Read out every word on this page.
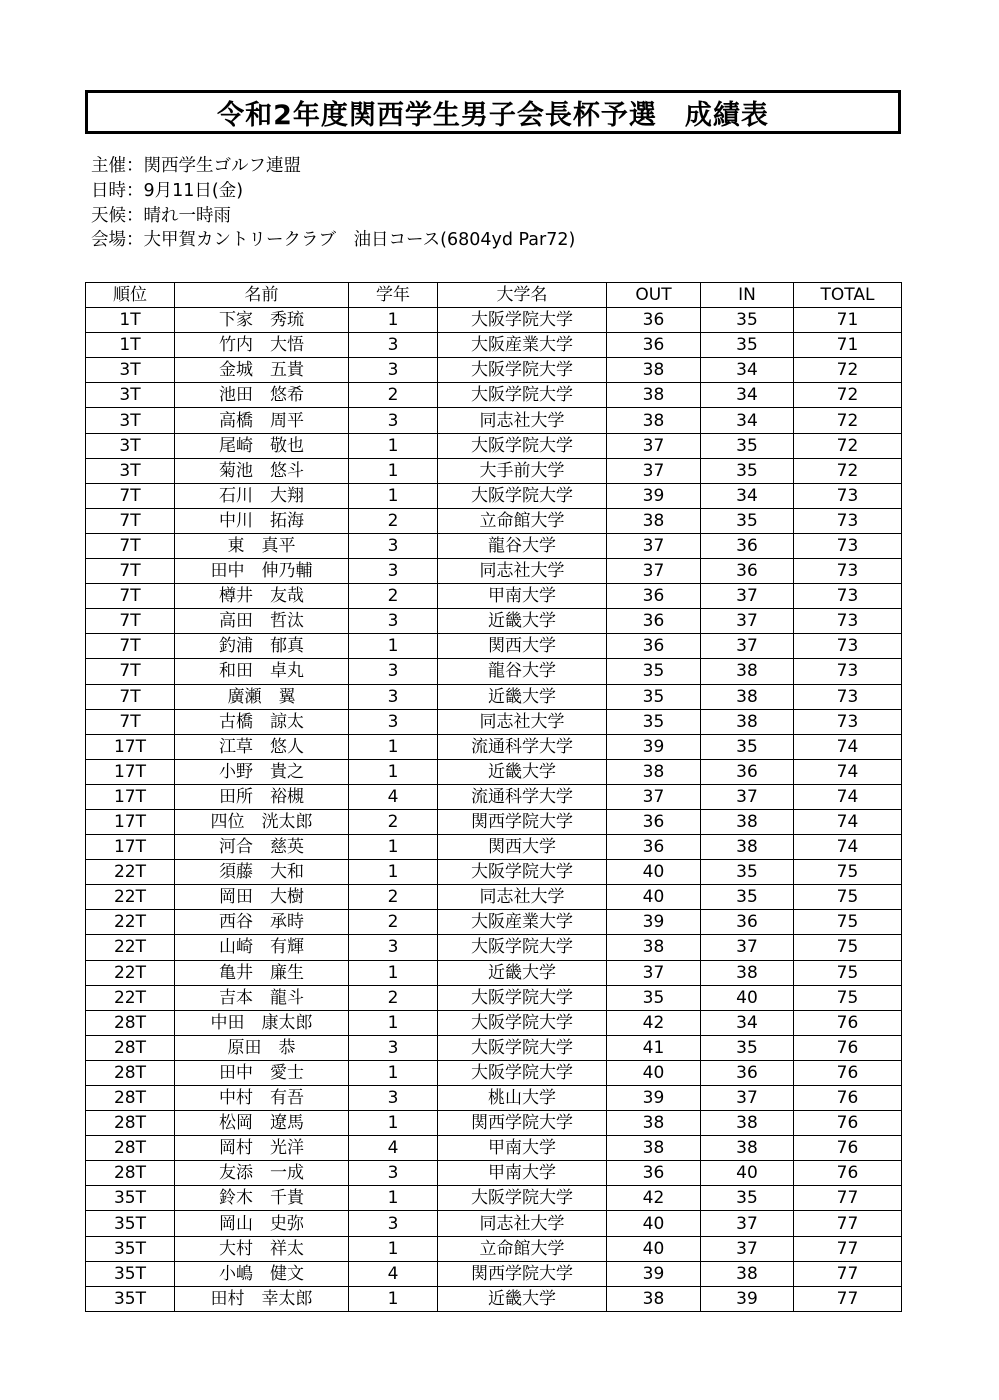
令和2年度関西学生男子会長杯予選　成績表
主催：関西学生ゴルフ連盟
日時：9月11日(金)
天候：晴れ一時雨
会場：大甲賀カントリークラブ　油日コース(6804yd Par72)
順位	名前	学年	大学名	OUT	IN	TOTAL
1T	下家　秀琉	1	大阪学院大学	36	35	71
1T	竹内　大悟	3	大阪産業大学	36	35	71
3T	金城　五貴	3	大阪学院大学	38	34	72
3T	池田　悠希	2	大阪学院大学	38	34	72
3T	高橋　周平	3	同志社大学	38	34	72
3T	尾崎　敬也	1	大阪学院大学	37	35	72
3T	菊池　悠斗	1	大手前大学	37	35	72
7T	石川　大翔	1	大阪学院大学	39	34	73
7T	中川　拓海	2	立命館大学	38	35	73
7T	東　真平	3	龍谷大学	37	36	73
7T	田中　伸乃輔	3	同志社大学	37	36	73
7T	樽井　友哉	2	甲南大学	36	37	73
7T	高田　哲汰	3	近畿大学	36	37	73
7T	釣浦　郁真	1	関西大学	36	37	73
7T	和田　卓丸	3	龍谷大学	35	38	73
7T	廣瀬　翼	3	近畿大学	35	38	73
7T	古橋　諒太	3	同志社大学	35	38	73
17T	江草　悠人	1	流通科学大学	39	35	74
17T	小野　貴之	1	近畿大学	38	36	74
17T	田所　裕槻	4	流通科学大学	37	37	74
17T	四位　洸太郎	2	関西学院大学	36	38	74
17T	河合　慈英	1	関西大学	36	38	74
22T	須藤　大和	1	大阪学院大学	40	35	75
22T	岡田　大樹	2	同志社大学	40	35	75
22T	西谷　承時	2	大阪産業大学	39	36	75
22T	山崎　有輝	3	大阪学院大学	38	37	75
22T	亀井　廉生	1	近畿大学	37	38	75
22T	吉本　龍斗	2	大阪学院大学	35	40	75
28T	中田　康太郎	1	大阪学院大学	42	34	76
28T	原田　恭	3	大阪学院大学	41	35	76
28T	田中　愛士	1	大阪学院大学	40	36	76
28T	中村　有吾	3	桃山大学	39	37	76
28T	松岡　遼馬	1	関西学院大学	38	38	76
28T	岡村　光洋	4	甲南大学	38	38	76
28T	友添　一成	3	甲南大学	36	40	76
35T	鈴木　千貴	1	大阪学院大学	42	35	77
35T	岡山　史弥	3	同志社大学	40	37	77
35T	大村　祥太	1	立命館大学	40	37	77
35T	小嶋　健文	4	関西学院大学	39	38	77
35T	田村　幸太郎	1	近畿大学	38	39	77
